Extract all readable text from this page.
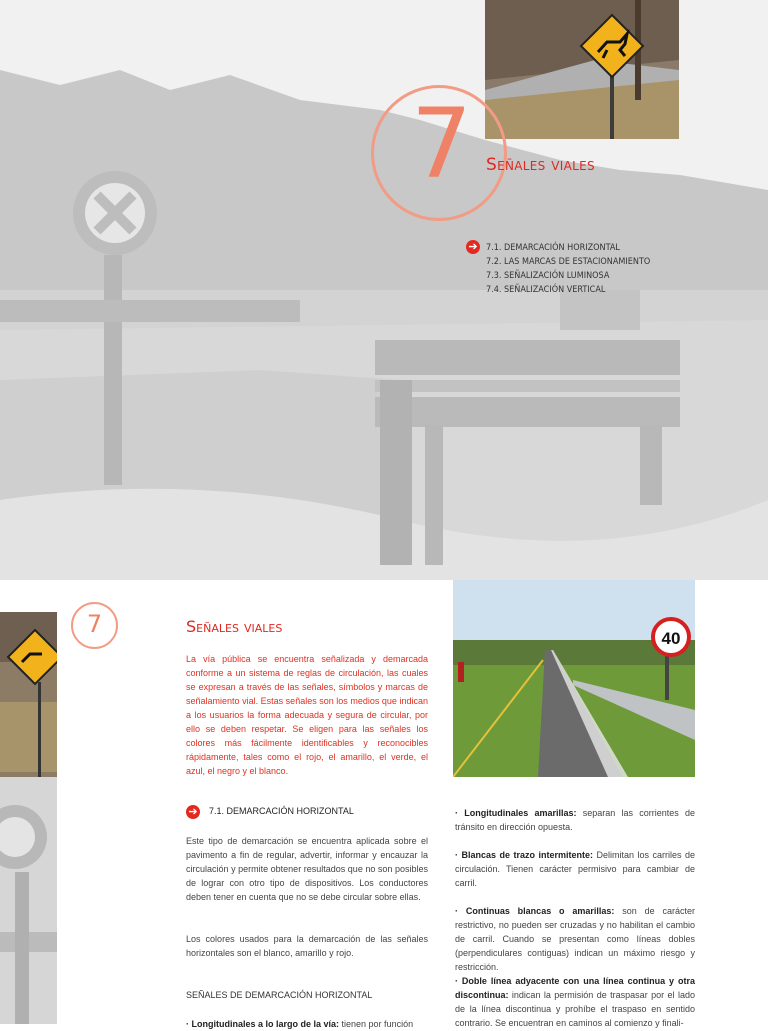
7 Señales viales
➔ 7.1. DEMARCACIÓN HORIZONTAL
7.2. LAS MARCAS DE ESTACIONAMIENTO
7.3. SEÑALIZACIÓN LUMINOSA
7.4. SEÑALIZACIÓN VERTICAL
7	Señales viales

La vía pública se encuentra señalizada y demarcada conforme a un sistema de reglas de circulación, las cuales se expresan a través de las señales, símbolos y marcas de señalamiento vial. Estas señales son los medios que indican a los usuarios la forma adecuada y segura de circular, por ello se deben respetar. Se eligen para las señales los colores más fácilmente identificables y reconocibles rápidamente, tales como el rojo, el amarillo, el verde, el azul, el negro y el blanco.

40
➔ 7.1. DEMARCACIÓN HORIZONTAL

Este tipo de demarcación se encuentra aplicada sobre el pavimento a fin de regular, advertir, informar y encauzar la circulación y permite obtener resultados que no son posibles de lograr con otro tipo de dispositivos. Los conductores deben tener en cuenta que no se debe circular sobre ellas.

Los colores usados para la demarcación de las señales horizontales son el blanco, amarillo y rojo.

SEÑALES DE DEMARCACIÓN HORIZONTAL

· Longitudinales a lo largo de la vía: tienen por función

· Longitudinales amarillas: separan las corrientes de tránsito en dirección opuesta.

· Blancas de trazo intermitente: Delimitan los carriles de circulación. Tienen carácter permisivo para cambiar de carril.

· Continuas blancas o amarillas: son de carácter restrictivo, no pueden ser cruzadas y no habilitan el cambio de carril. Cuando se presentan como líneas dobles (perpendiculares contiguas) indican un máximo riesgo y restricción.

· Doble línea adyacente con una línea continua y otra discontinua: indican la permisión de traspasar por el lado de la línea discontinua y prohíbe el traspaso en sentido contrario. Se encuentran en caminos al comienzo y finali-
